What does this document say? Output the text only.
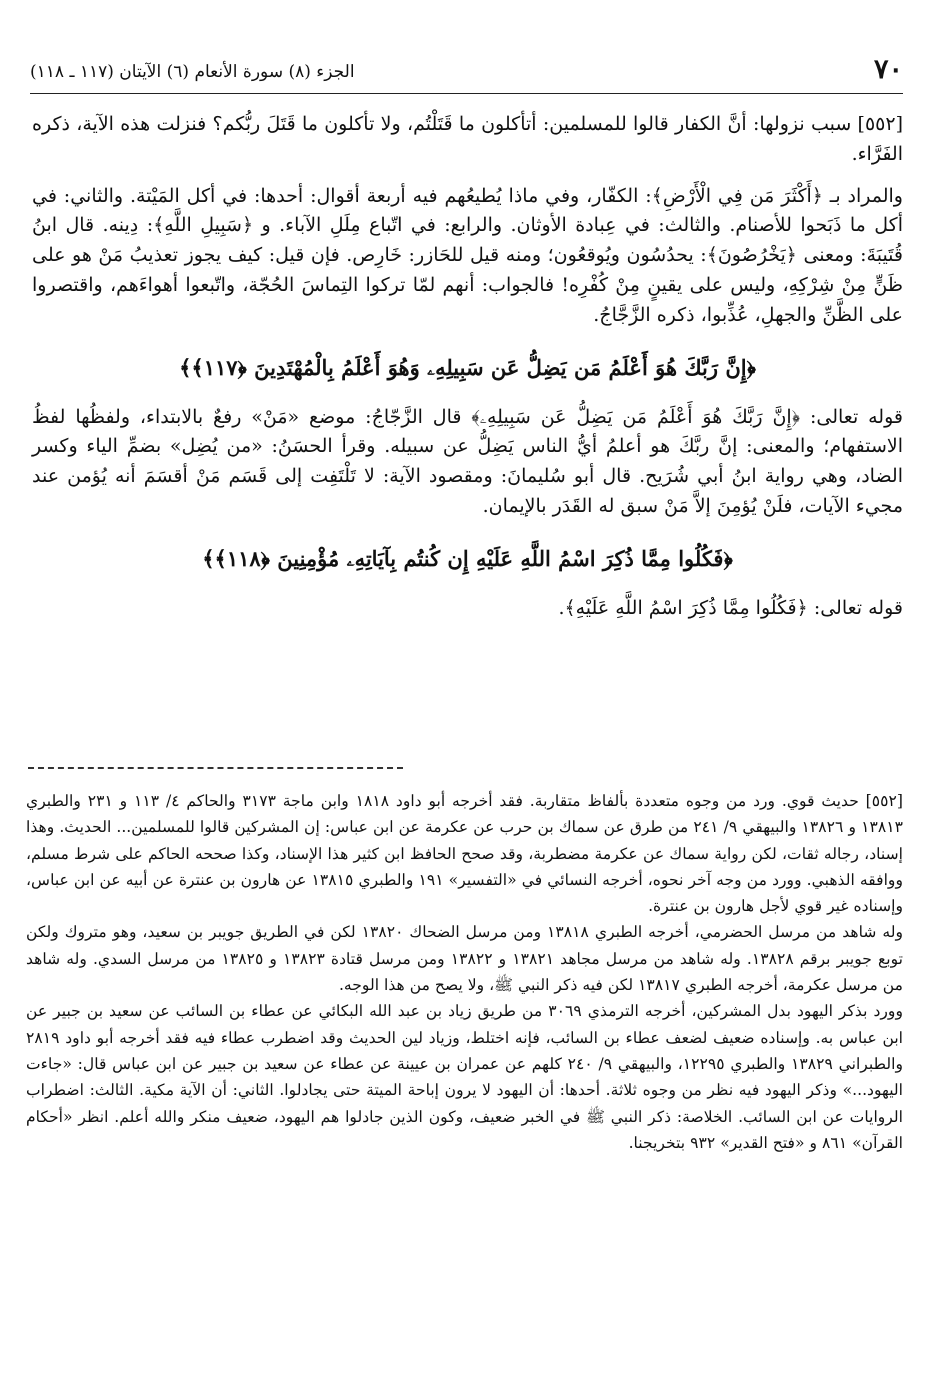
٧٠
الجزء (٨) سورة الأنعام (٦) الآيتان (١١٧ ـ ١١٨)

[٥٥٢] سبب نزولها: أنَّ الكفار قالوا للمسلمين: أتأكلون ما قَتَلْتُم، ولا تأكلون ما قَتَلَ ربُّكم؟ فنزلت هذه الآية، ذكره الفَرَّاء.

والمراد بـ ﴿أَكْثَرَ مَن فِي الْأَرْضِ﴾: الكفّار، وفي ماذا يُطيعُهم فيه أربعة أقوال: أحدها: في أكل المَيْتة. والثاني: في أكل ما ذَبَحوا للأصنام. والثالث: في عِبادة الأوثان. والرابع: في اتّباع مِلَلِ الآباء. و ﴿سَبِيلِ اللَّهِ﴾: دِينه. قال ابنُ قُتَيبَةَ: ومعنى ﴿يَخْرُصُونَ﴾: يحدُسُون ويُوقعُون؛ ومنه قيل للحَازر: خَارِص. فإن قيل: كيف يجوز تعذيبُ مَنْ هو على ظَنٍّ مِنْ شِرْكِهِ، وليس على يقينٍ مِنْ كُفْرِه! فالجواب: أنهم لمّا تركوا التِماسَ الحُجّة، واتّبعوا أهواءَهم، واقتصروا على الظَّنِّ والجهلِ، عُذِّبوا، ذكره الزَّجَّاجُ.

﴿إِنَّ رَبَّكَ هُوَ أَعْلَمُ مَن يَضِلُّ عَن سَبِيلِهِۦ وَهُوَ أَعْلَمُ بِالْمُهْتَدِينَ ﴿١١٧﴾﴾

قوله تعالى: ﴿إِنَّ رَبَّكَ هُوَ أَعْلَمُ مَن يَضِلُّ عَن سَبِيلِهِۦ﴾ قال الزَّجّاجُ: موضع «مَنْ» رفعٌ بالابتداء، ولفظُها لفظُ الاستفهام؛ والمعنى: إنَّ ربَّكَ هو أعلمُ أيُّ الناس يَضِلُّ عن سبيله. وقرأ الحسَنُ: «من يُضِل» بضمِّ الياء وكسر الضاد، وهي رواية ابنُ أبي شُرَيح. قال أبو سُليمانَ: ومقصود الآية: لا تَلْتَفِت إلى قَسَم مَنْ أقسَمَ أنه يُؤمن عند مجيء الآيات، فلَنْ يُؤمِنَ إلاَّ مَنْ سبق له القَدَر بالإيمان.

﴿فَكُلُوا مِمَّا ذُكِرَ اسْمُ اللَّهِ عَلَيْهِ إِن كُنتُم بِآيَاتِهِۦ مُؤْمِنِينَ ﴿١١٨﴾﴾

قوله تعالى: ﴿فَكُلُوا مِمَّا ذُكِرَ اسْمُ اللَّهِ عَلَيْهِ﴾.

[٥٥٢] حديث قوي. ورد من وجوه متعددة بألفاظ متقاربة. فقد أخرجه أبو داود ١٨١٨ وابن ماجة ٣١٧٣ والحاكم ٤/ ١١٣ و ٢٣١ والطبري ١٣٨١٣ و ١٣٨٢٦ والبيهقي ٩/ ٢٤١ من طرق عن سماك بن حرب عن عكرمة عن ابن عباس: إن المشركين قالوا للمسلمين... الحديث. وهذا إسناد، رجاله ثقات، لكن رواية سماك عن عكرمة مضطربة، وقد صحح الحافظ ابن كثير هذا الإسناد، وكذا صححه الحاكم على شرط مسلم، ووافقه الذهبي. وورد من وجه آخر نحوه، أخرجه النسائي في «التفسير» ١٩١ والطبري ١٣٨١٥ عن هارون بن عنترة عن أبيه عن ابن عباس، وإسناده غير قوي لأجل هارون بن عنترة.

وله شاهد من مرسل الحضرمي، أخرجه الطبري ١٣٨١٨ ومن مرسل الضحاك ١٣٨٢٠ لكن في الطريق جويبر بن سعيد، وهو متروك ولكن توبع جويبر برقم ١٣٨٢٨. وله شاهد من مرسل مجاهد ١٣٨٢١ و ١٣٨٢٢ ومن مرسل قتادة ١٣٨٢٣ و ١٣٨٢٥ من مرسل السدي. وله شاهد من مرسل عكرمة، أخرجه الطبري ١٣٨١٧ لكن فيه ذكر النبي ﷺ، ولا يصح من هذا الوجه.

وورد بذكر اليهود بدل المشركين، أخرجه الترمذي ٣٠٦٩ من طريق زياد بن عبد الله البكائي عن عطاء بن السائب عن سعيد بن جبير عن ابن عباس به. وإسناده ضعيف لضعف عطاء بن السائب، فإنه اختلط، وزياد لين الحديث وقد اضطرب عطاء فيه فقد أخرجه أبو داود ٢٨١٩ والطبراني ١٣٨٢٩ والطبري ١٢٢٩٥، والبيهقي ٩/ ٢٤٠ كلهم عن عمران بن عيينة عن عطاء عن سعيد بن جبير عن ابن عباس قال: «جاءت اليهود...» وذكر اليهود فيه نظر من وجوه ثلاثة. أحدها: أن اليهود لا يرون إباحة الميتة حتى يجادلوا. الثاني: أن الآية مكية. الثالث: اضطراب الروايات عن ابن السائب. الخلاصة: ذكر النبي ﷺ في الخبر ضعيف، وكون الذين جادلوا هم اليهود، ضعيف منكر والله أعلم. انظر «أحكام القرآن» ٨٦١ و «فتح القدير» ٩٣٢ بتخريجنا.
